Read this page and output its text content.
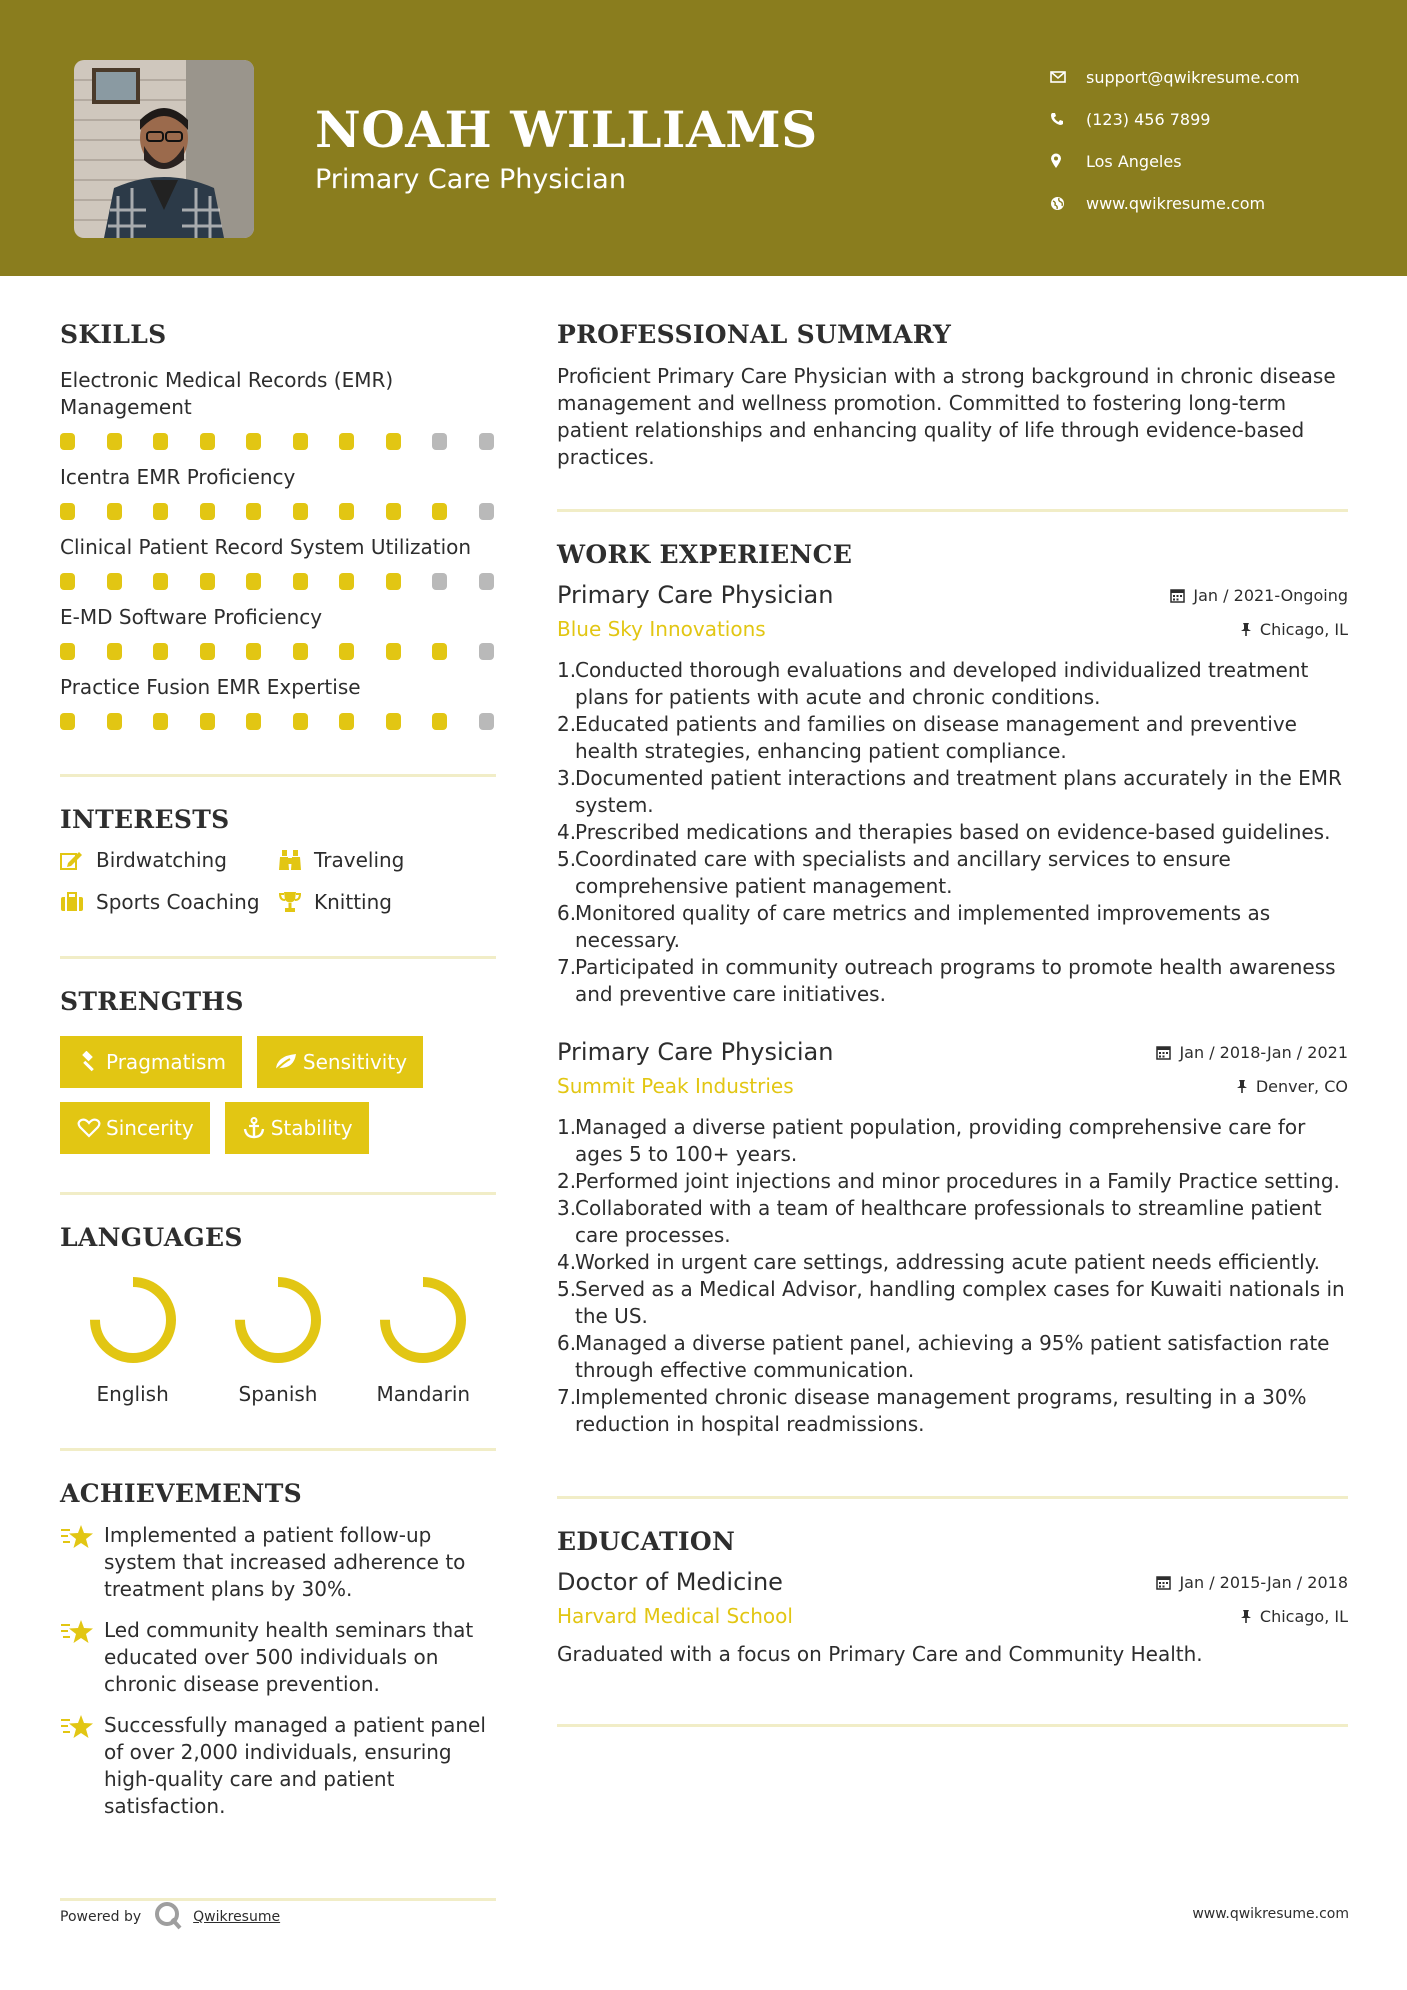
NOAH WILLIAMS
Primary Care Physician
support@qwikresume.com
(123) 456 7899
Los Angeles
www.qwikresume.com
SKILLS
Electronic Medical Records (EMR) Management
Icentra EMR Proficiency
Clinical Patient Record System Utilization
E-MD Software Proficiency
Practice Fusion EMR Expertise
INTERESTS
Birdwatching	Traveling
Sports Coaching	Knitting
STRENGTHS
Pragmatism	Sensitivity
Sincerity	Stability
LANGUAGES
English	Spanish	Mandarin
ACHIEVEMENTS
Implemented a patient follow-up system that increased adherence to treatment plans by 30%.
Led community health seminars that educated over 500 individuals on chronic disease prevention.
Successfully managed a patient panel of over 2,000 individuals, ensuring high-quality care and patient satisfaction.
Powered by	Qwikresume	www.qwikresume.com
PROFESSIONAL SUMMARY
Proficient Primary Care Physician with a strong background in chronic disease management and wellness promotion. Committed to fostering long-term patient relationships and enhancing quality of life through evidence-based practices.
WORK EXPERIENCE
Primary Care Physician	Jan / 2021-Ongoing
Blue Sky Innovations	Chicago, IL
1.
Conducted thorough evaluations and developed individualized treatment plans for patients with acute and chronic conditions.
2.
Educated patients and families on disease management and preventive health strategies, enhancing patient compliance.
3.
Documented patient interactions and treatment plans accurately in the EMR system.
4.
Prescribed medications and therapies based on evidence-based guidelines.
5.
Coordinated care with specialists and ancillary services to ensure comprehensive patient management.
6.
Monitored quality of care metrics and implemented improvements as necessary.
7.
Participated in community outreach programs to promote health awareness and preventive care initiatives.
Primary Care Physician	Jan / 2018-Jan / 2021
Summit Peak Industries	Denver, CO
1.
Managed a diverse patient population, providing comprehensive care for ages 5 to 100+ years.
2.
Performed joint injections and minor procedures in a Family Practice setting.
3.
Collaborated with a team of healthcare professionals to streamline patient care processes.
4.
Worked in urgent care settings, addressing acute patient needs efficiently.
5.
Served as a Medical Advisor, handling complex cases for Kuwaiti nationals in the US.
6.
Managed a diverse patient panel, achieving a 95% patient satisfaction rate through effective communication.
7.
Implemented chronic disease management programs, resulting in a 30% reduction in hospital readmissions.
EDUCATION
Doctor of Medicine	Jan / 2015-Jan / 2018
Harvard Medical School	Chicago, IL
Graduated with a focus on Primary Care and Community Health.
